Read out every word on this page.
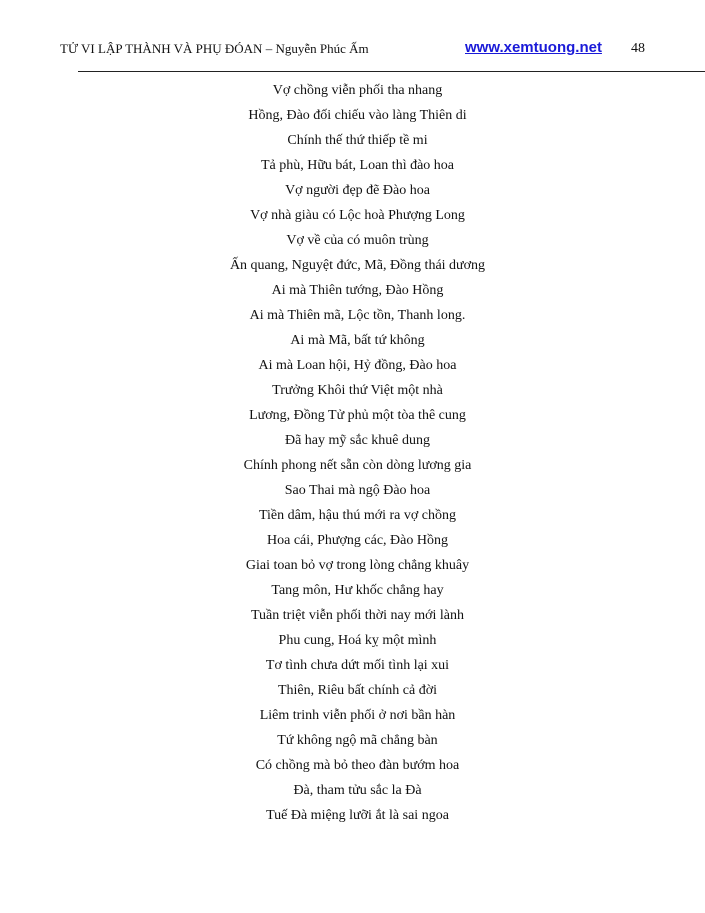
TỬ VI LẬP THÀNH VÀ PHỤ ĐÓAN – Nguyễn Phúc Ấm	www.xemtuong.net 48
Vợ chồng viễn phối tha nhang
Hồng, Đào đối chiếu vào làng Thiên di
Chính thế thứ thiếp tề mi
Tả phù, Hữu bát, Loan thì đào hoa
Vợ người đẹp đẽ Đào hoa
Vợ nhà giàu có Lộc hoà Phượng Long
Vợ về của có muôn trùng
Ấn quang, Nguyệt đức, Mã, Đồng thái dương
Ai mà Thiên tướng, Đào Hồng
Ai mà Thiên mã, Lộc tồn, Thanh long.
Ai mà Mã, bất tứ không
Ai mà Loan hội, Hỷ đồng, Đào hoa
Trưởng Khôi thứ Việt một nhà
Lương, Đồng Tử phủ một tòa thê cung
Đã hay mỹ sắc khuê dung
Chính phong nết sẵn còn dòng lương gia
Sao Thai mà ngộ Đào hoa
Tiền dâm, hậu thú mới ra vợ chồng
Hoa cái, Phượng các, Đào Hồng
Giai toan bỏ vợ trong lòng chẳng khuây
Tang môn, Hư khốc chẳng hay
Tuần triệt viễn phối thời nay mới lành
Phu cung, Hoá kỵ một mình
Tơ tình chưa dứt mối tình lại xui
Thiên, Riêu bất chính cả đời
Liêm trinh viễn phối ở nơi bần hàn
Tứ không ngộ mã chẳng bàn
Có chồng mà bỏ theo đàn bướm hoa
Đà, tham tửu sắc la Đà
Tuế Đà miệng lưỡi ắt là sai ngoa
